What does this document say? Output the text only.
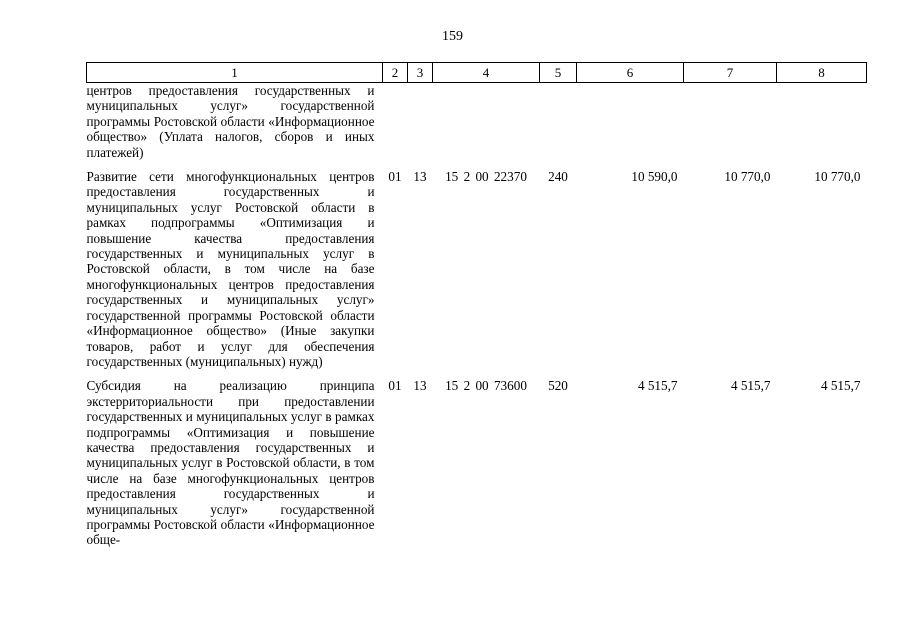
159
1	2	3	4	5	6	7	8
центров предоставления государственных и муниципальных услуг» государственной программы Ростовской области «Информационное общество» (Уплата налогов, сборов и иных платежей)							
Развитие сети многофункциональных центров предоставления государственных и муниципальных услуг Ростовской области в рамках подпрограммы «Оптимизация и повышение качества предоставления государственных и муниципальных услуг в Ростовской области, в том числе на базе многофункциональных центров предоставления государственных и муниципальных услуг» государственной программы Ростовской области «Информационное общество» (Иные закупки товаров, работ и услуг для обеспечения государственных (муниципальных) нужд)	01	13	15 2 00 22370	240	10 590,0	10 770,0	10 770,0
Субсидия на реализацию принципа экстерриториальности при предоставлении государственных и муниципальных услуг в рамках подпрограммы «Оптимизация и повышение качества предоставления государственных и муниципальных услуг в Ростовской области, в том числе на базе многофункциональных центров предоставления государственных и муниципальных услуг» государственной программы Ростовской области «Информационное обще-	01	13	15 2 00 73600	520	4 515,7	4 515,7	4 515,7
